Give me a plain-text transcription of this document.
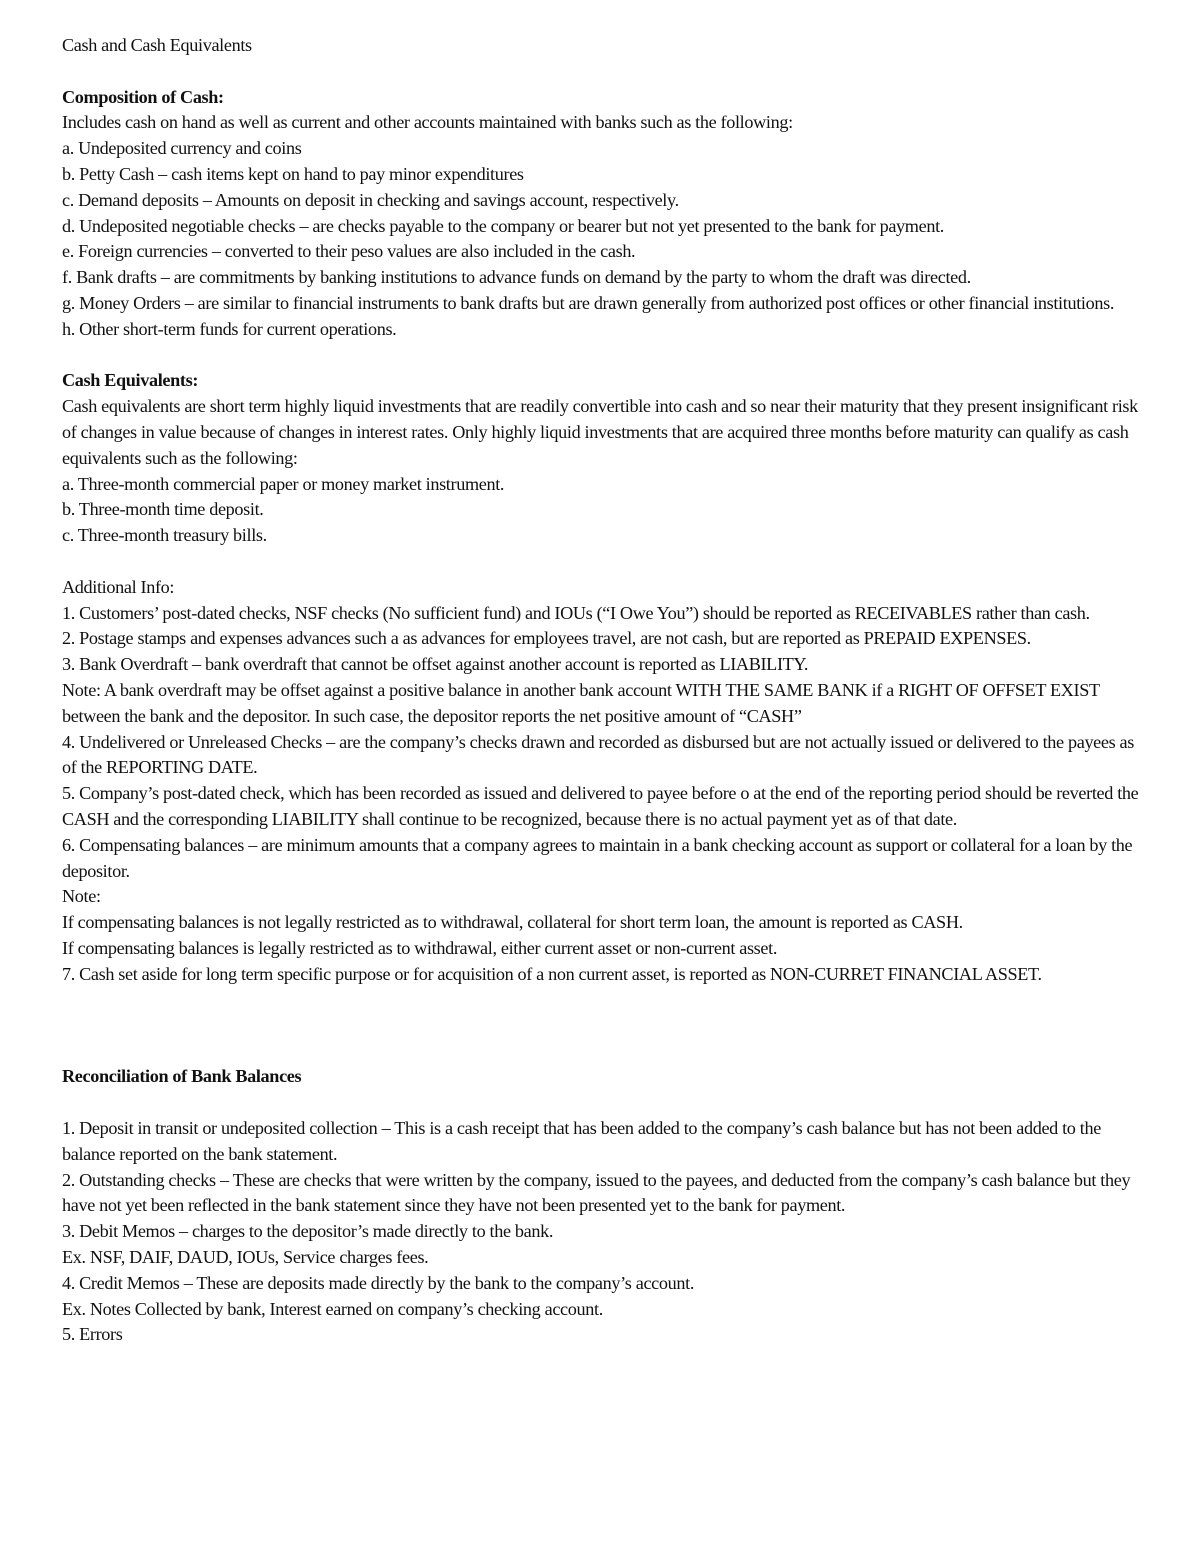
Cash and Cash Equivalents

Composition of Cash:

Includes cash on hand as well as current and other accounts maintained with banks such as the following:

a. Undeposited currency and coins

b. Petty Cash – cash items kept on hand to pay minor expenditures

c. Demand deposits – Amounts on deposit in checking and savings account, respectively.

d. Undeposited negotiable checks – are checks payable to the company or bearer but not yet presented to the bank for payment.

e. Foreign currencies – converted to their peso values are also included in the cash.

f. Bank drafts – are commitments by banking institutions to advance funds on demand by the party to whom the draft was directed.

g. Money Orders – are similar to financial instruments to bank drafts but are drawn generally from authorized post offices or other financial institutions.

h. Other short-term funds for current operations.

Cash Equivalents:

Cash equivalents are short term highly liquid investments that are readily convertible into cash and so near their maturity that they present insignificant risk of changes in value because of changes in interest rates. Only highly liquid investments that are acquired three months before maturity can qualify as cash equivalents such as the following:

a. Three-month commercial paper or money market instrument.

b. Three-month time deposit.

c. Three-month treasury bills.

Additional Info:

1. Customers’ post-dated checks, NSF checks (No sufficient fund) and IOUs (“I Owe You”) should be reported as RECEIVABLES rather than cash.

2. Postage stamps and expenses advances such a as advances for employees travel, are not cash, but are reported as PREPAID EXPENSES.

3. Bank Overdraft – bank overdraft that cannot be offset against another account is reported as LIABILITY.

Note: A bank overdraft may be offset against a positive balance in another bank account WITH THE SAME BANK if a RIGHT OF OFFSET EXIST between the bank and the depositor. In such case, the depositor reports the net positive amount of “CASH”

4. Undelivered or Unreleased Checks – are the company’s checks drawn and recorded as disbursed but are not actually issued or delivered to the payees as of the REPORTING DATE.

5. Company’s post-dated check, which has been recorded as issued and delivered to payee before o at the end of the reporting period should be reverted the CASH and the corresponding LIABILITY shall continue to be recognized, because there is no actual payment yet as of that date.

6. Compensating balances – are minimum amounts that a company agrees to maintain in a bank checking account as support or collateral for a loan by the depositor.

Note:

If compensating balances is not legally restricted as to withdrawal, collateral for short term loan, the amount is reported as CASH.

If compensating balances is legally restricted as to withdrawal, either current asset or non-current asset.

7. Cash set aside for long term specific purpose or for acquisition of a non current asset, is reported as NON-CURRET FINANCIAL ASSET.

Reconciliation of Bank Balances

1. Deposit in transit or undeposited collection – This is a cash receipt that has been added to the company’s cash balance but has not been added to the balance reported on the bank statement.

2. Outstanding checks – These are checks that were written by the company, issued to the payees, and deducted from the company’s cash balance but they have not yet been reflected in the bank statement since they have not been presented yet to the bank for payment.

3. Debit Memos – charges to the depositor’s made directly to the bank.

Ex. NSF, DAIF, DAUD, IOUs, Service charges fees.

4. Credit Memos – These are deposits made directly by the bank to the company’s account.

Ex. Notes Collected by bank, Interest earned on company’s checking account.

5. Errors
